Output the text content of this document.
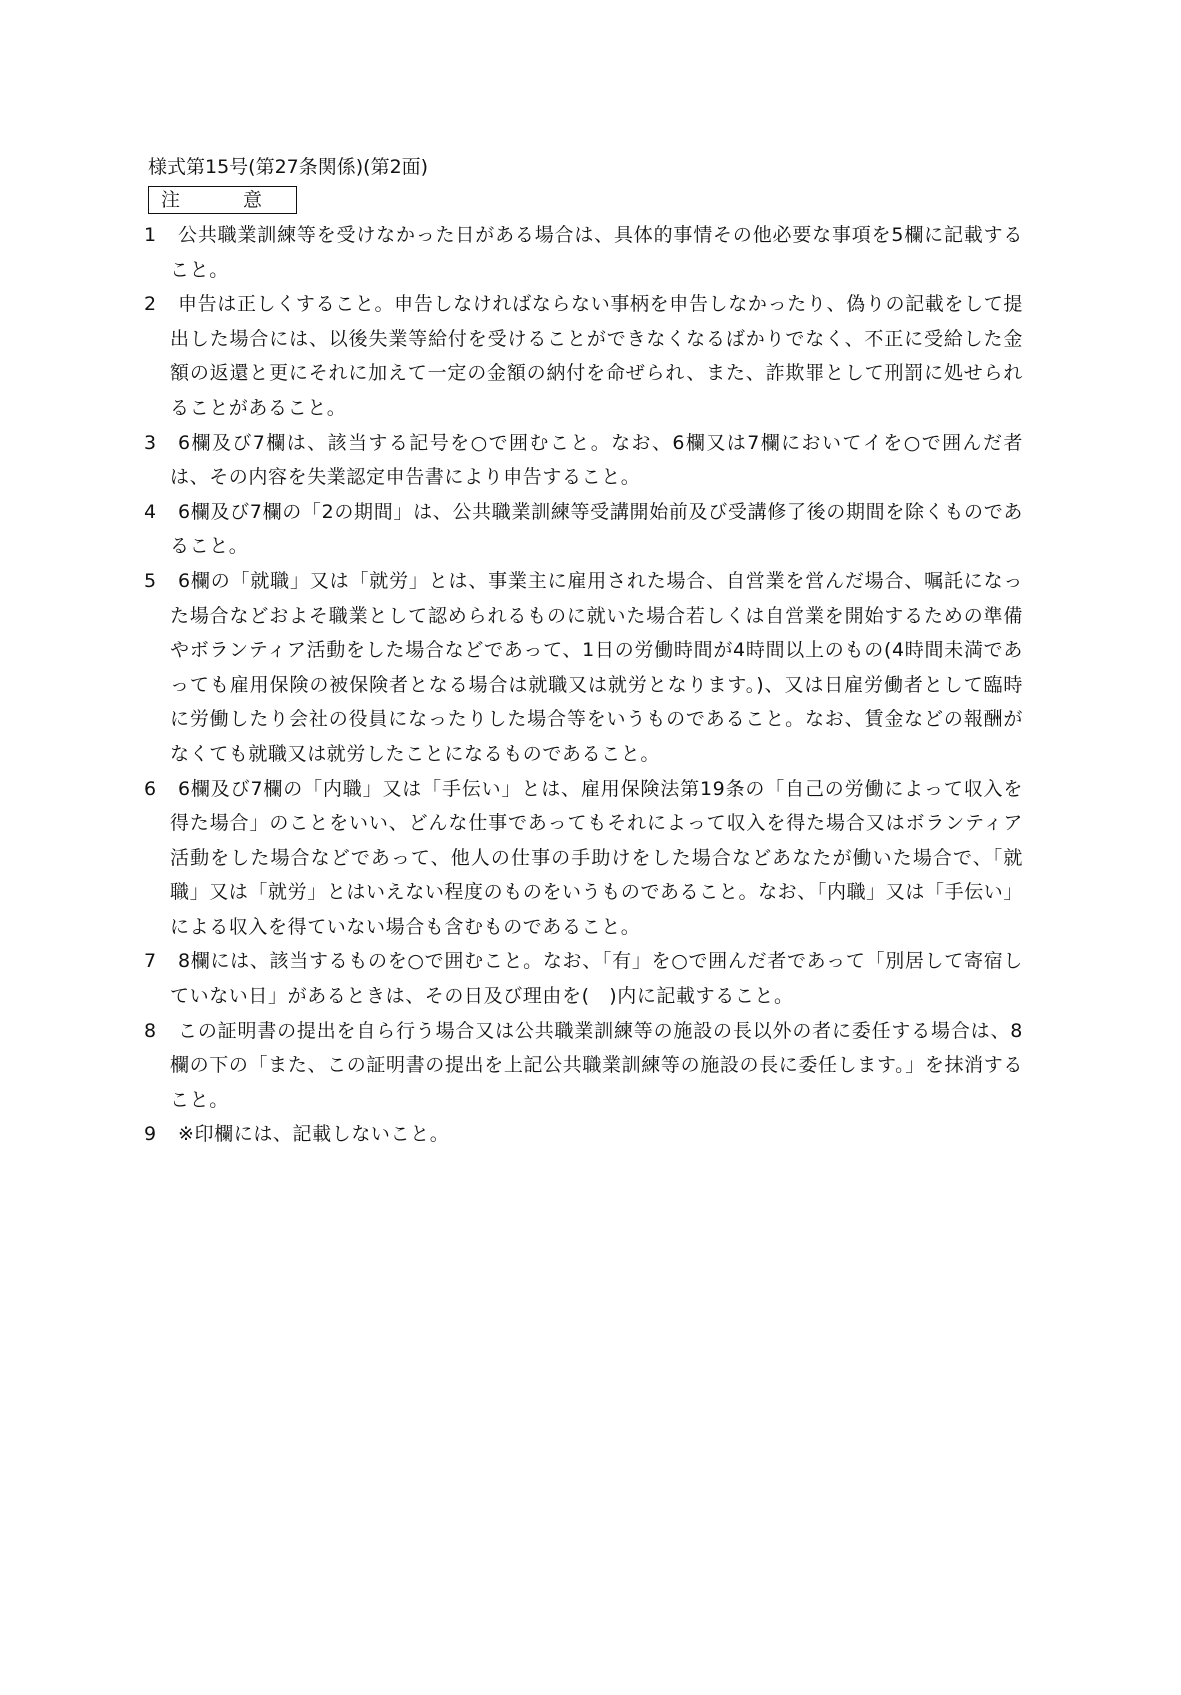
様式第15号(第27条関係)(第2面)
注　意
1	公共職業訓練等を受けなかった日がある場合は、具体的事情その他必要な事項を5欄に記載すること。
2	申告は正しくすること。申告しなければならない事柄を申告しなかったり、偽りの記載をして提出した場合には、以後失業等給付を受けることができなくなるばかりでなく、不正に受給した金額の返還と更にそれに加えて一定の金額の納付を命ぜられ、また、詐欺罪として刑罰に処せられることがあること。
3	6欄及び7欄は、該当する記号を○で囲むこと。なお、6欄又は7欄においてイを○で囲んだ者は、その内容を失業認定申告書により申告すること。
4	6欄及び7欄の「2の期間」は、公共職業訓練等受講開始前及び受講修了後の期間を除くものであること。
5	6欄の「就職」又は「就労」とは、事業主に雇用された場合、自営業を営んだ場合、嘱託になった場合などおよそ職業として認められるものに就いた場合若しくは自営業を開始するための準備やボランティア活動をした場合などであって、1日の労働時間が4時間以上のもの(4時間未満であっても雇用保険の被保険者となる場合は就職又は就労となります。)、又は日雇労働者として臨時に労働したり会社の役員になったりした場合等をいうものであること。なお、賃金などの報酬がなくても就職又は就労したことになるものであること。
6	6欄及び7欄の「内職」又は「手伝い」とは、雇用保険法第19条の「自己の労働によって収入を得た場合」のことをいい、どんな仕事であってもそれによって収入を得た場合又はボランティア活動をした場合などであって、他人の仕事の手助けをした場合などあなたが働いた場合で、「就職」又は「就労」とはいえない程度のものをいうものであること。なお、「内職」又は「手伝い」による収入を得ていない場合も含むものであること。
7	8欄には、該当するものを○で囲むこと。なお、「有」を○で囲んだ者であって「別居して寄宿していない日」があるときは、その日及び理由を(　)内に記載すること。
8	この証明書の提出を自ら行う場合又は公共職業訓練等の施設の長以外の者に委任する場合は、8欄の下の「また、この証明書の提出を上記公共職業訓練等の施設の長に委任します。」を抹消すること。
9	※印欄には、記載しないこと。
